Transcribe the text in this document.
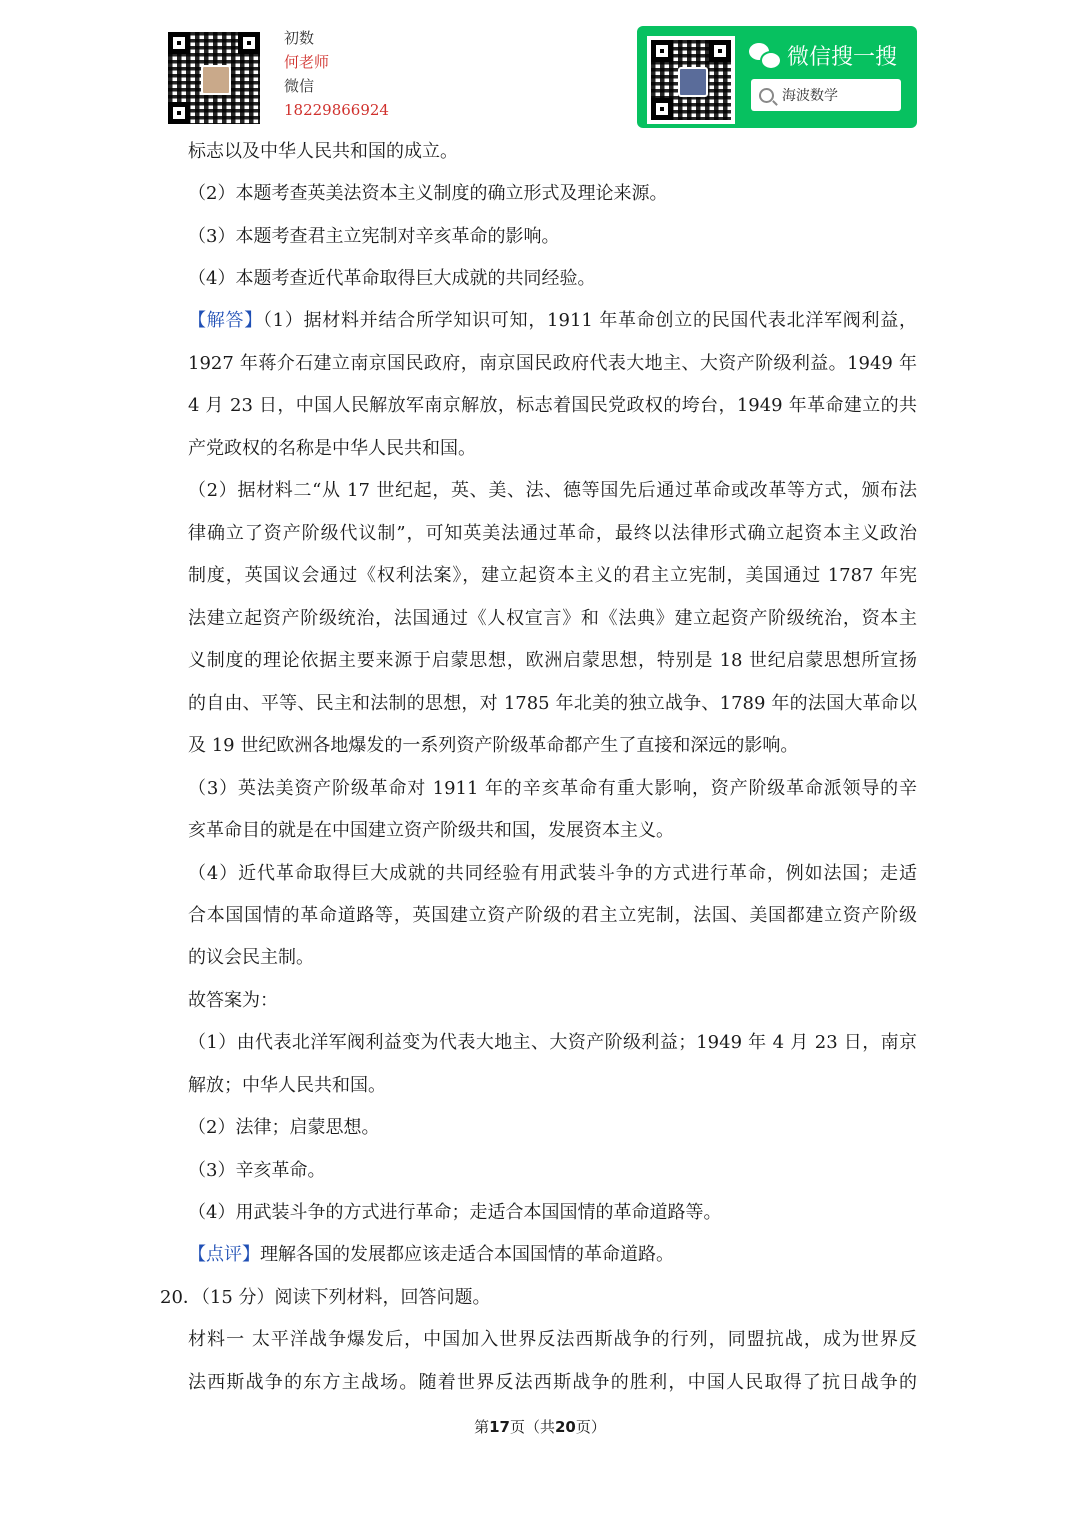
初数
何老师
微信
18229866924
微信搜一搜
海波数学
标志以及中华人民共和国的成立。
（2）本题考查英美法资本主义制度的确立形式及理论来源。
（3）本题考查君主立宪制对辛亥革命的影响。
（4）本题考查近代革命取得巨大成就的共同经验。
【解答】（1）据材料并结合所学知识可知，1911 年革命创立的民国代表北洋军阀利益，
1927 年蒋介石建立南京国民政府，南京国民政府代表大地主、大资产阶级利益。1949 年
4 月 23 日，中国人民解放军南京解放，标志着国民党政权的垮台，1949 年革命建立的共
产党政权的名称是中华人民共和国。
（2）据材料二“从 17 世纪起，英、美、法、德等国先后通过革命或改革等方式，颁布法
律确立了资产阶级代议制”，可知英美法通过革命，最终以法律形式确立起资本主义政治
制度，英国议会通过《权利法案》，建立起资本主义的君主立宪制，美国通过 1787 年宪
法建立起资产阶级统治，法国通过《人权宣言》和《法典》建立起资产阶级统治，资本主
义制度的理论依据主要来源于启蒙思想，欧洲启蒙思想，特别是 18 世纪启蒙思想所宣扬
的自由、平等、民主和法制的思想，对 1785 年北美的独立战争、1789 年的法国大革命以
及 19 世纪欧洲各地爆发的一系列资产阶级革命都产生了直接和深远的影响。
（3）英法美资产阶级革命对 1911 年的辛亥革命有重大影响，资产阶级革命派领导的辛
亥革命目的就是在中国建立资产阶级共和国，发展资本主义。
（4）近代革命取得巨大成就的共同经验有用武装斗争的方式进行革命，例如法国；走适
合本国国情的革命道路等，英国建立资产阶级的君主立宪制，法国、美国都建立资产阶级
的议会民主制。
故答案为：
（1）由代表北洋军阀利益变为代表大地主、大资产阶级利益；1949 年 4 月 23 日，南京
解放；中华人民共和国。
（2）法律；启蒙思想。
（3）辛亥革命。
（4）用武装斗争的方式进行革命；走适合本国国情的革命道路等。
【点评】理解各国的发展都应该走适合本国国情的革命道路。
20．（15 分）阅读下列材料，回答问题。
材料一 太平洋战争爆发后，中国加入世界反法西斯战争的行列，同盟抗战，成为世界反
法西斯战争的东方主战场。随着世界反法西斯战争的胜利，中国人民取得了抗日战争的
第17页（共20页）
